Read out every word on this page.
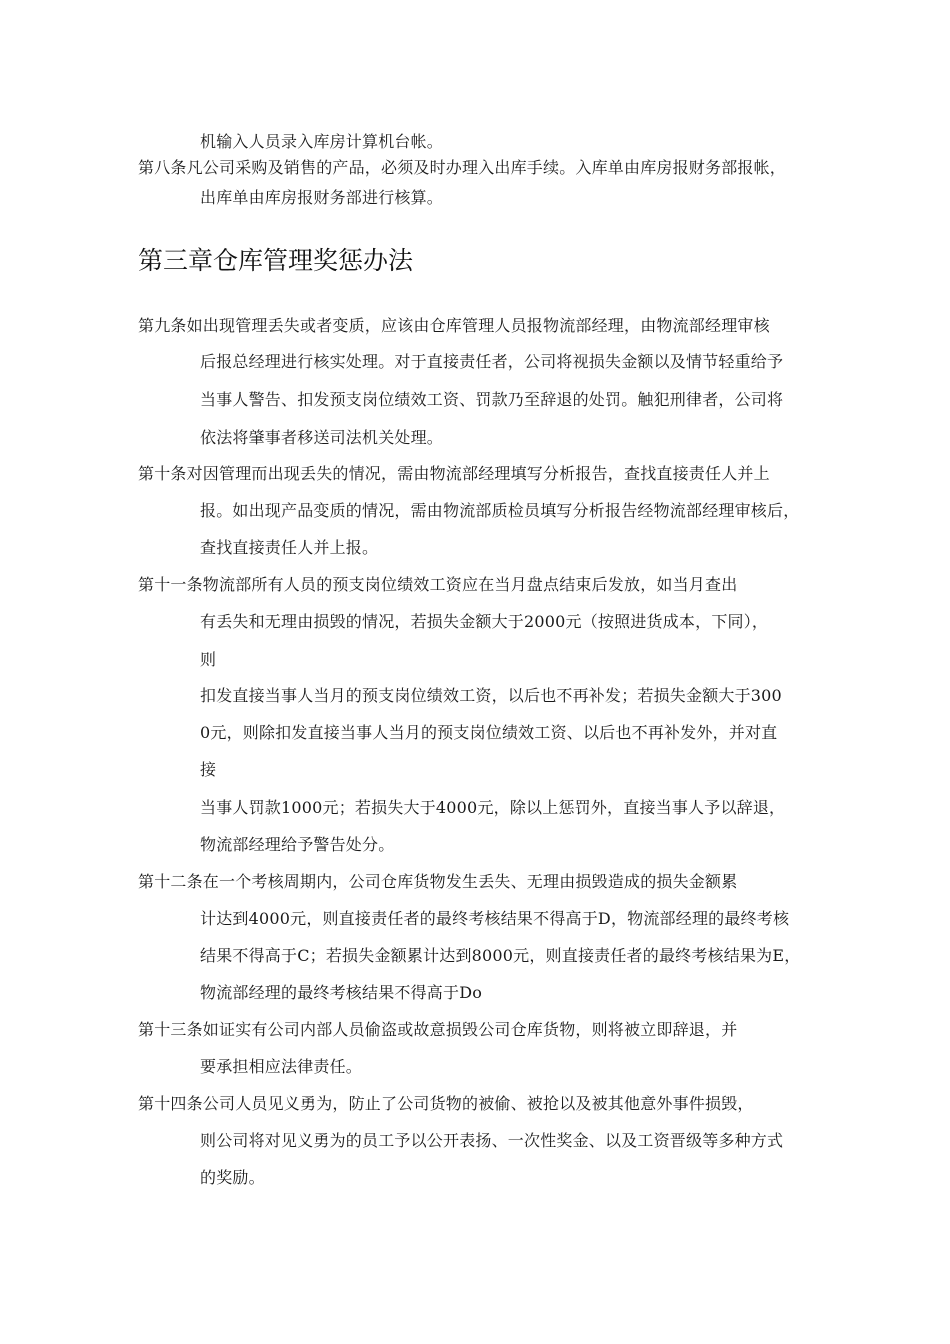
机输入人员录入库房计算机台帐。
第八条凡公司采购及销售的产品，必须及时办理入出库手续。入库单由库房报财务部报帐，
出库单由库房报财务部进行核算。
第三章仓库管理奖惩办法
第九条如出现管理丢失或者变质，应该由仓库管理人员报物流部经理，由物流部经理审核
后报总经理进行核实处理。对于直接责任者，公司将视损失金额以及情节轻重给予
当事人警告、扣发预支岗位绩效工资、罚款乃至辞退的处罚。触犯刑律者，公司将
依法将肇事者移送司法机关处理。
第十条对因管理而出现丢失的情况，需由物流部经理填写分析报告，查找直接责任人并上
报。如出现产品变质的情况，需由物流部质检员填写分析报告经物流部经理审核后，
查找直接责任人并上报。
第十一条物流部所有人员的预支岗位绩效工资应在当月盘点结束后发放，如当月查出
有丢失和无理由损毁的情况，若损失金额大于2000元（按照进货成本，下同），
则
扣发直接当事人当月的预支岗位绩效工资，以后也不再补发；若损失金额大于300
0元，则除扣发直接当事人当月的预支岗位绩效工资、以后也不再补发外，并对直
接
当事人罚款1000元；若损失大于4000元，除以上惩罚外，直接当事人予以辞退，
物流部经理给予警告处分。
第十二条在一个考核周期内，公司仓库货物发生丢失、无理由损毁造成的损失金额累
计达到4000元，则直接责任者的最终考核结果不得高于D，物流部经理的最终考核
结果不得高于C；若损失金额累计达到8000元，则直接责任者的最终考核结果为E，
物流部经理的最终考核结果不得高于Do
第十三条如证实有公司内部人员偷盗或故意损毁公司仓库货物，则将被立即辞退，并
要承担相应法律责任。
第十四条公司人员见义勇为，防止了公司货物的被偷、被抢以及被其他意外事件损毁，
则公司将对见义勇为的员工予以公开表扬、一次性奖金、以及工资晋级等多种方式
的奖励。
